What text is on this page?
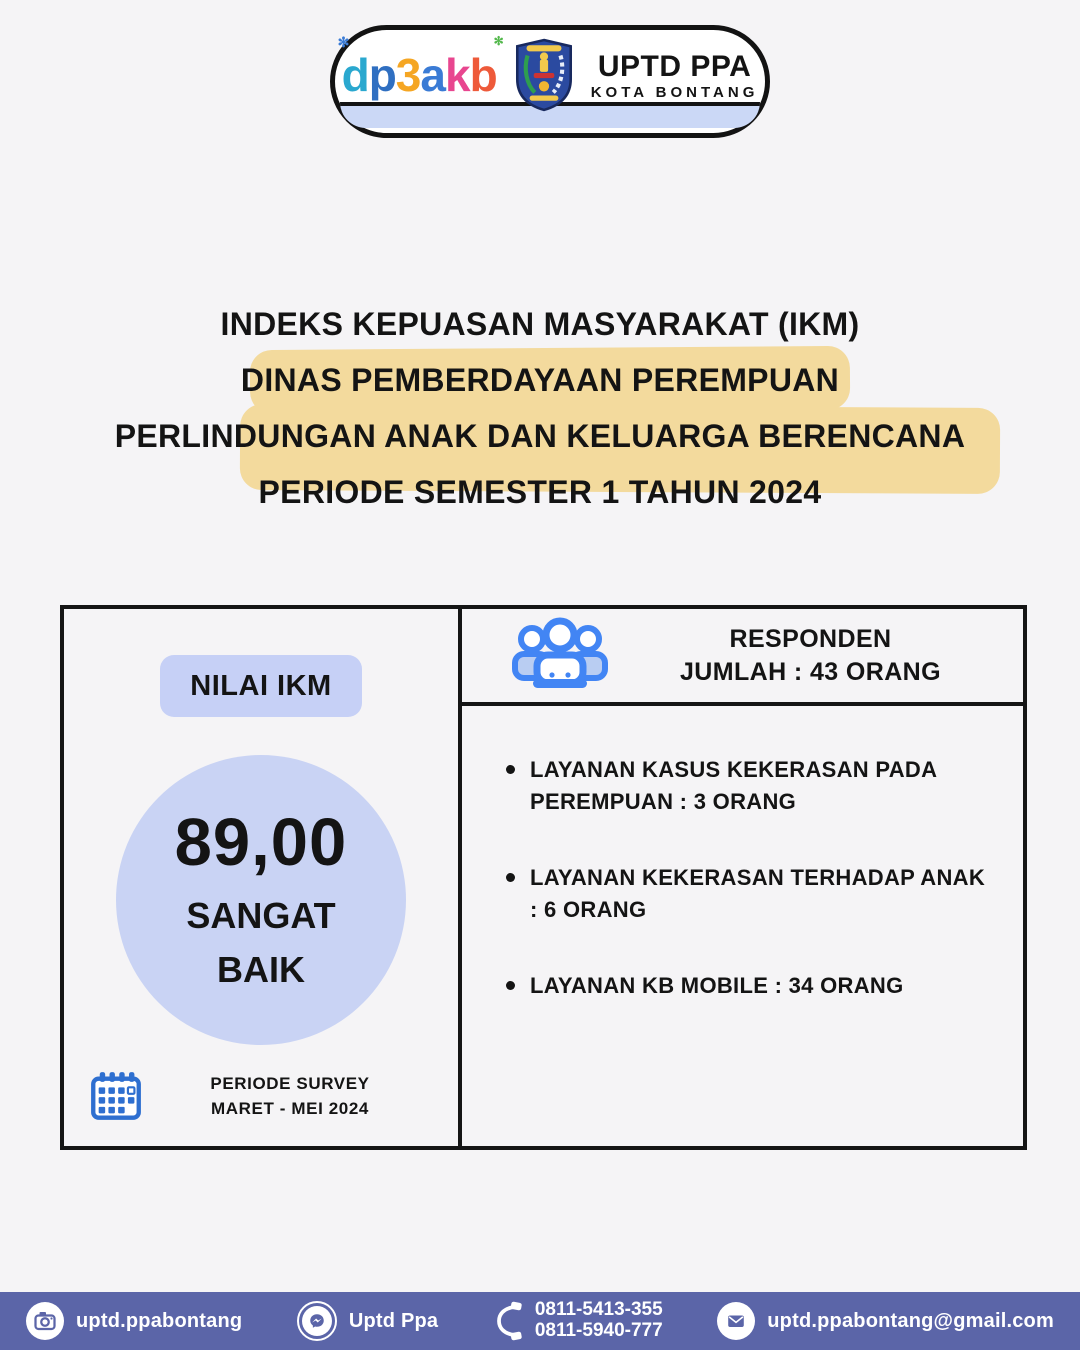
✻
dp3akb
✻
UPTD PPA
KOTA BONTANG
INDEKS KEPUASAN MASYARAKAT (IKM)
DINAS PEMBERDAYAAN PEREMPUAN
PERLINDUNGAN ANAK DAN KELUARGA BERENCANA
PERIODE SEMESTER 1 TAHUN 2024
NILAI IKM
89,00
SANGAT
BAIK
PERIODE SURVEY
MARET - MEI 2024
RESPONDEN
JUMLAH : 43 ORANG
LAYANAN KASUS KEKERASAN PADA PEREMPUAN : 3 ORANG
LAYANAN KEKERASAN TERHADAP ANAK : 6 ORANG
LAYANAN KB MOBILE : 34 ORANG
uptd.ppabontang	Uptd Ppa	0811-5413-355
0811-5940-777	uptd.ppabontang@gmail.com
